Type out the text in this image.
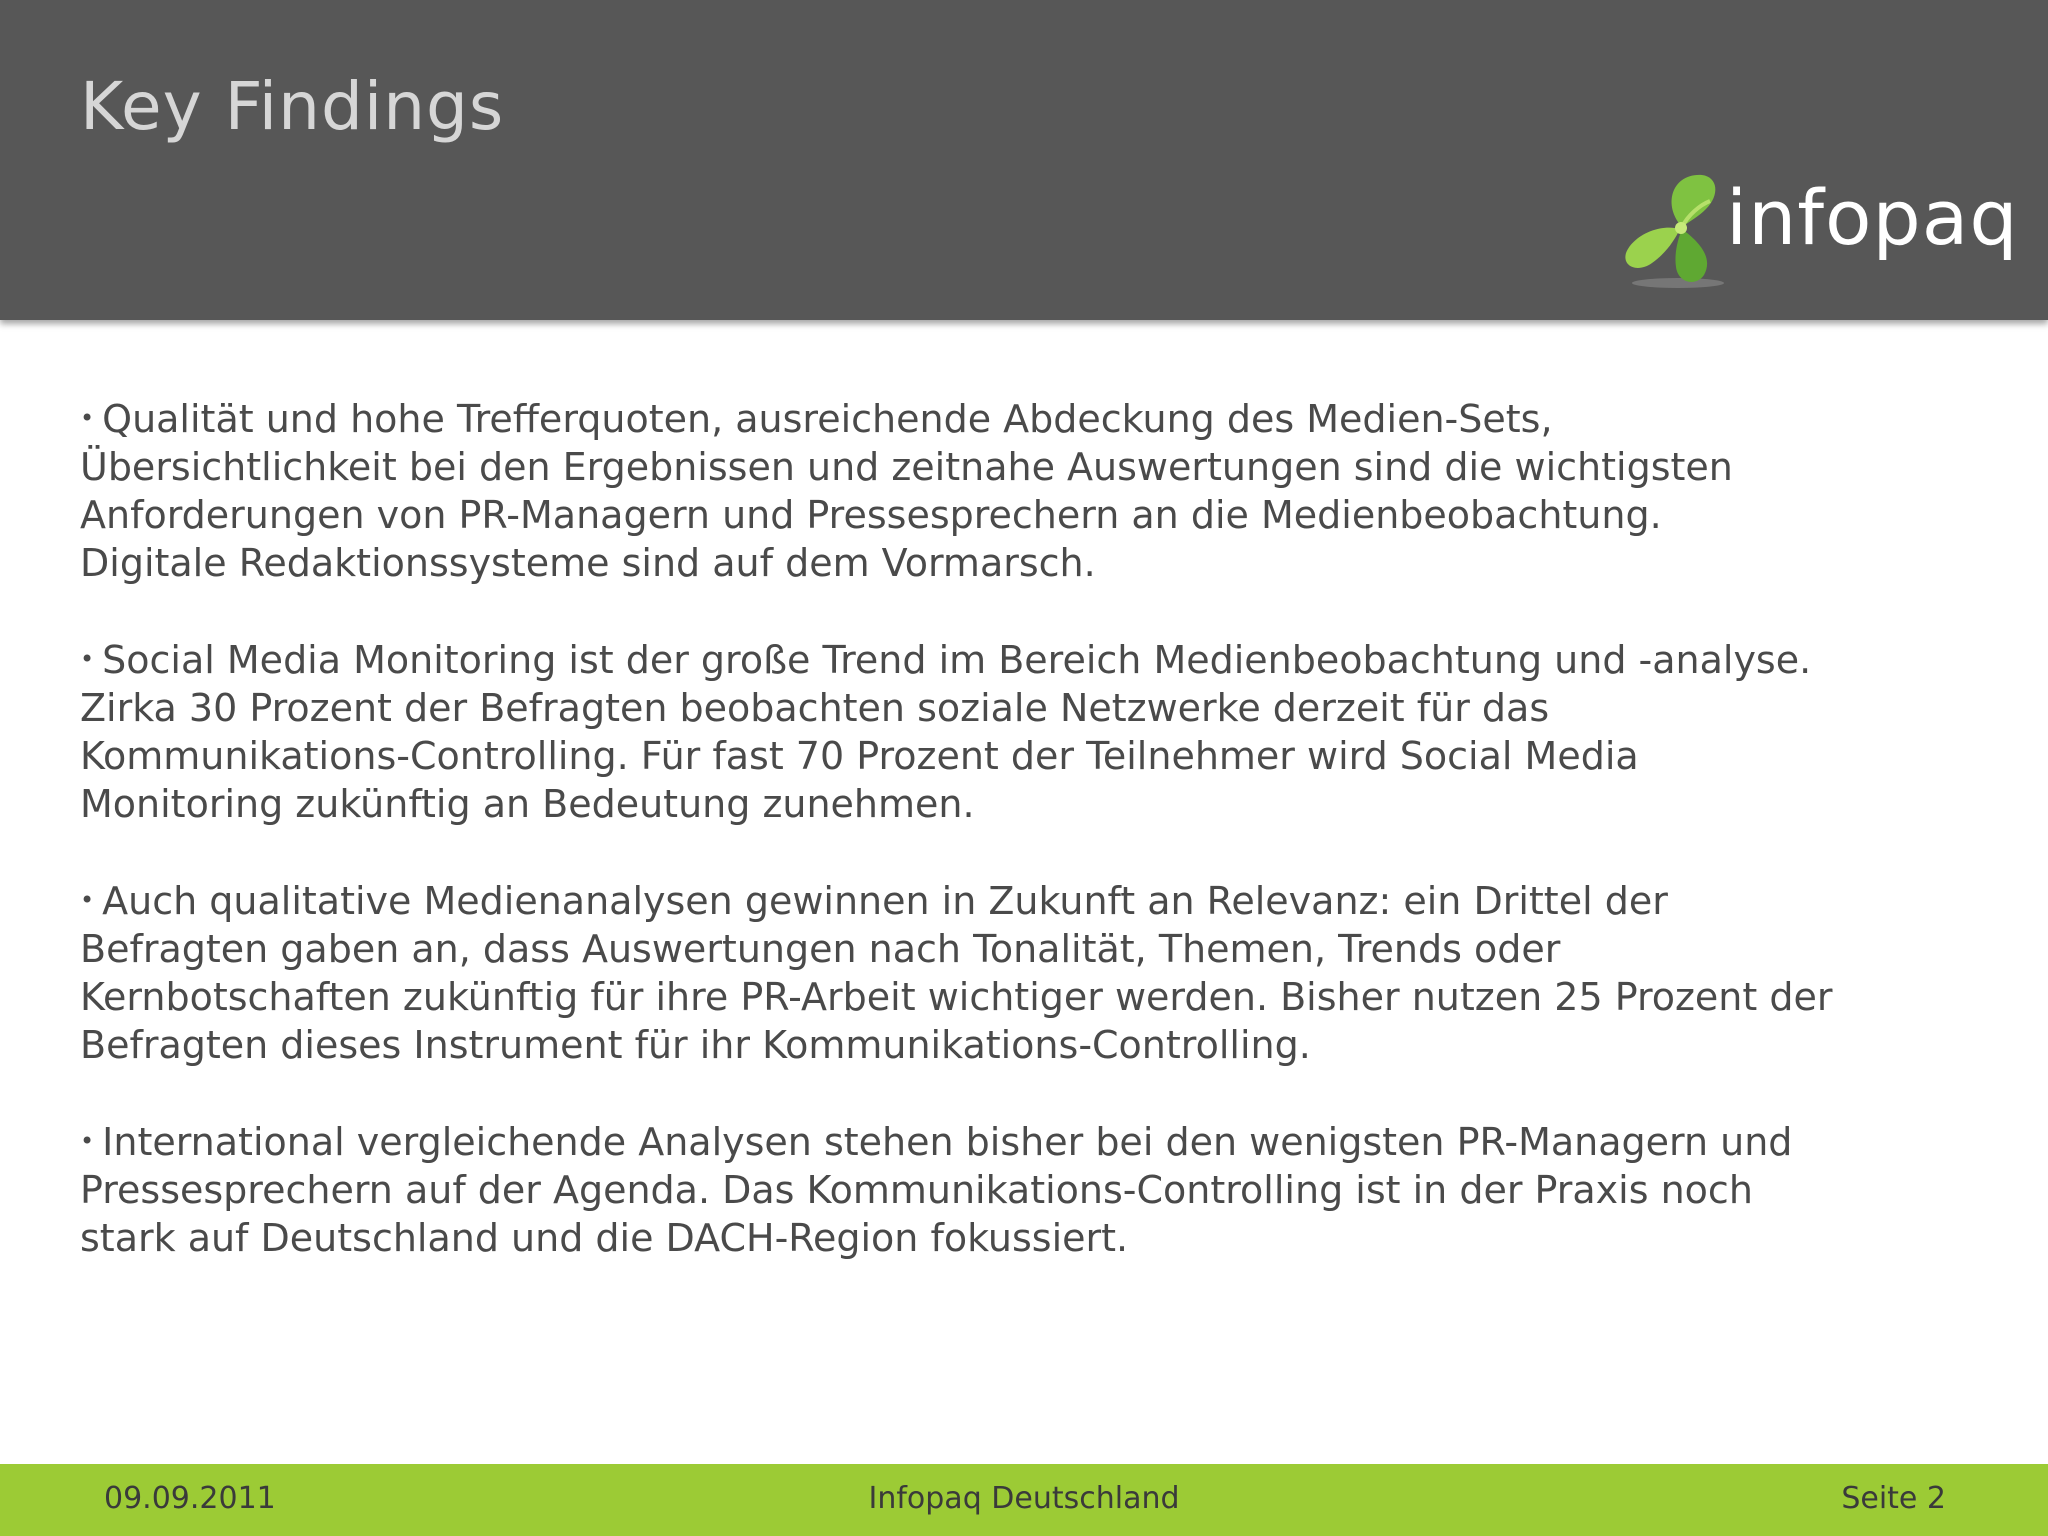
Key Findings
infopaq

• Qualität und hohe Trefferquoten, ausreichende Abdeckung des Medien-Sets,
Übersichtlichkeit bei den Ergebnissen und zeitnahe Auswertungen sind die wichtigsten
Anforderungen von PR-Managern und Pressesprechern an die Medienbeobachtung.
Digitale Redaktionssysteme sind auf dem Vormarsch.

• Social Media Monitoring ist der große Trend im Bereich Medienbeobachtung und -analyse.
Zirka 30 Prozent der Befragten beobachten soziale Netzwerke derzeit für das
Kommunikations-Controlling. Für fast 70 Prozent der Teilnehmer wird Social Media
Monitoring zukünftig an Bedeutung zunehmen.

• Auch qualitative Medienanalysen gewinnen in Zukunft an Relevanz: ein Drittel der
Befragten gaben an, dass Auswertungen nach Tonalität, Themen, Trends oder
Kernbotschaften zukünftig für ihre PR-Arbeit wichtiger werden. Bisher nutzen 25 Prozent der
Befragten dieses Instrument für ihr Kommunikations-Controlling.

• International vergleichende Analysen stehen bisher bei den wenigsten PR-Managern und
Pressesprechern auf der Agenda. Das Kommunikations-Controlling ist in der Praxis noch
stark auf Deutschland und die DACH-Region fokussiert.

09.09.2011	Infopaq Deutschland	Seite 2
